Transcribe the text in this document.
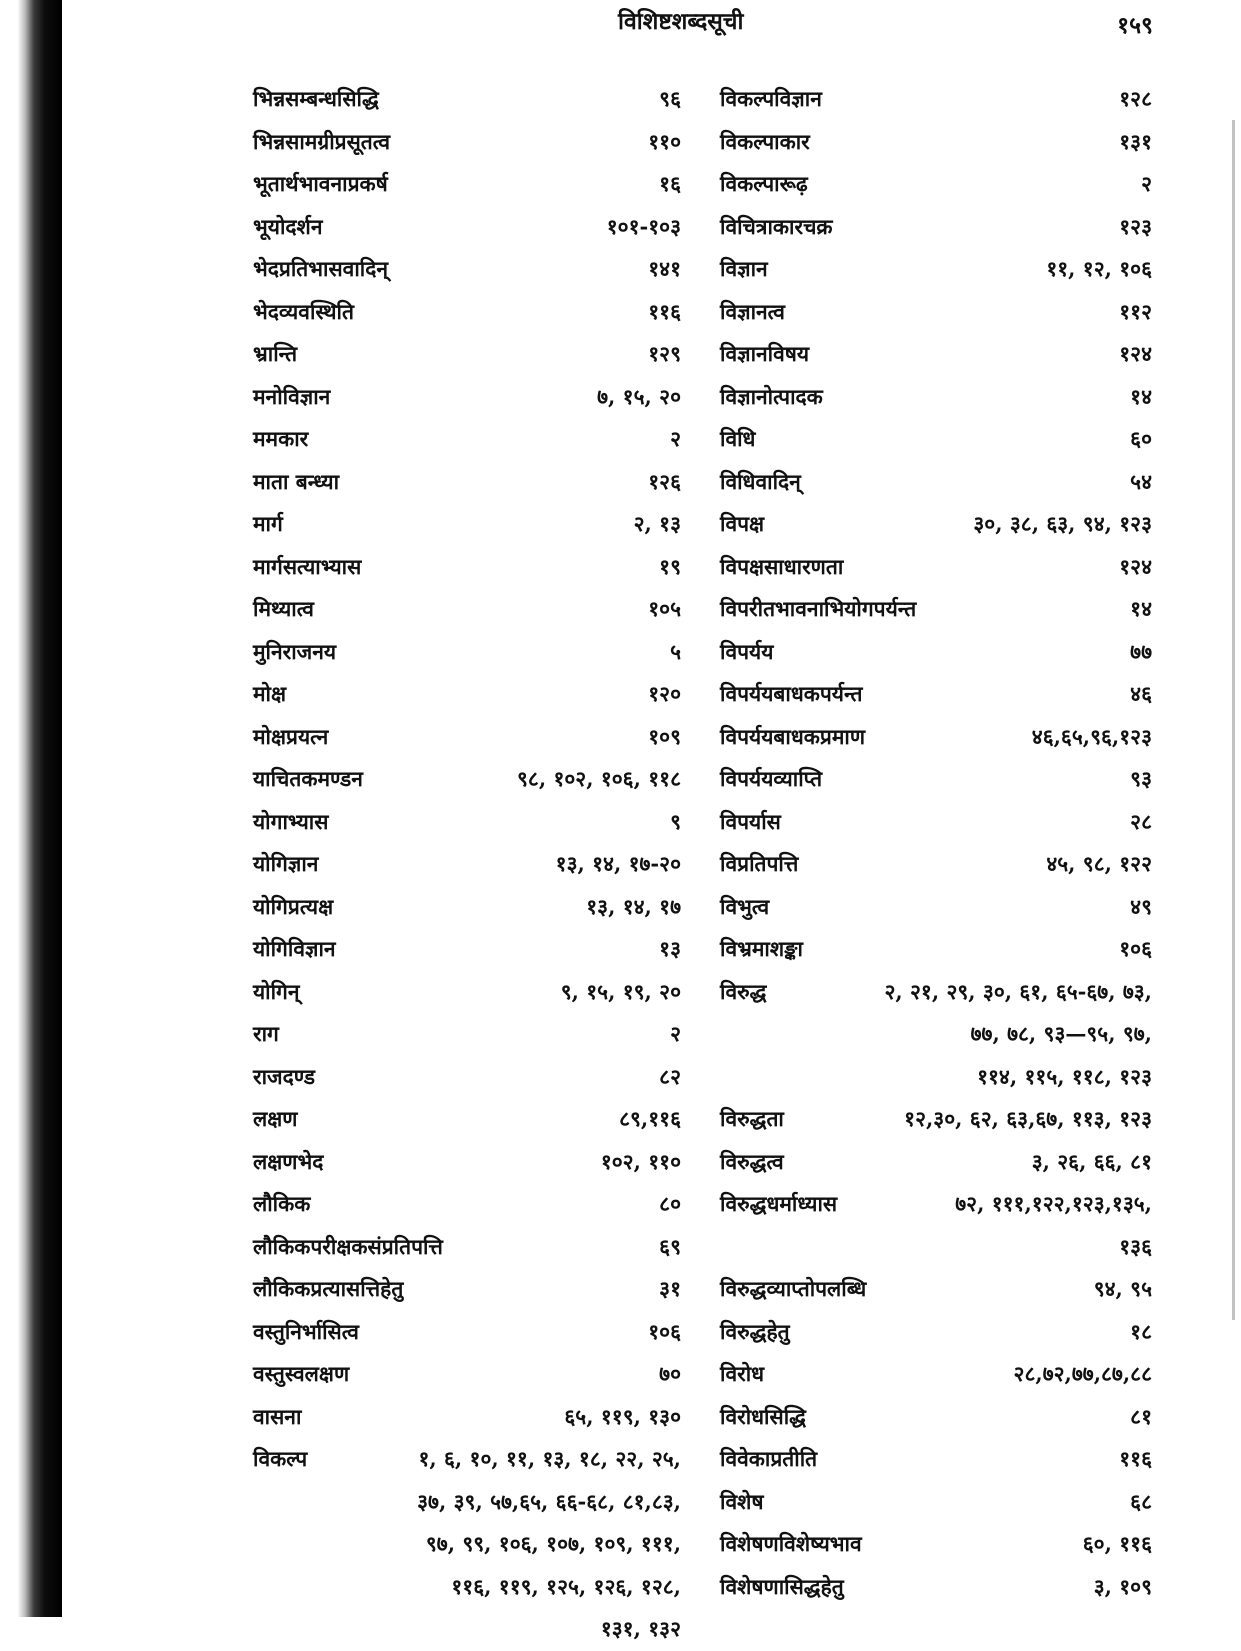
विशिष्टशब्दसूची	१५९
भिन्नसम्बन्धसिद्धि	९६
भिन्नसामग्रीप्रसूतत्व	११०
भूतार्थभावनाप्रकर्ष	१६
भूयोदर्शन	१०१-१०३
भेदप्रतिभासवादिन्	१४१
भेदव्यवस्थिति	११६
भ्रान्ति	१२९
मनोविज्ञान	७, १५, २०
ममकार	२
माता बन्ध्या	१२६
मार्ग	२, १३
मार्गसत्याभ्यास	१९
मिथ्यात्व	१०५
मुनिराजनय	५
मोक्ष	१२०
मोक्षप्रयत्न	१०९
याचितकमण्डन	९८, १०२, १०६, ११८
योगाभ्यास	९
योगिज्ञान	१३, १४, १७-२०
योगिप्रत्यक्ष	१३, १४, १७
योगिविज्ञान	१३
योगिन्	९, १५, १९, २०
राग	२
राजदण्ड	८२
लक्षण	८९,११६
लक्षणभेद	१०२, ११०
लौकिक	८०
लौकिकपरीक्षकसंप्रतिपत्ति	६९
लौकिकप्रत्यासत्तिहेतु	३१
वस्तुनिर्भासित्व	१०६
वस्तुस्वलक्षण	७०
वासना	६५, ११९, १३०
विकल्प	१, ६, १०, ११, १३, १८, २२, २५,
३७, ३९, ५७,६५, ६६-६८, ८१,८३,
९७, ९९, १०६, १०७, १०९, १११,
११६, ११९, १२५, १२६, १२८,
१३१, १३२
विकल्पविज्ञान	१२८
विकल्पाकार	१३१
विकल्पारूढ़	२
विचित्राकारचक्र	१२३
विज्ञान	११, १२, १०६
विज्ञानत्व	११२
विज्ञानविषय	१२४
विज्ञानोत्पादक	१४
विधि	६०
विधिवादिन्	५४
विपक्ष	३०, ३८, ६३, ९४, १२३
विपक्षसाधारणता	१२४
विपरीतभावनाभियोगपर्यन्त	१४
विपर्यय	७७
विपर्ययबाधकपर्यन्त	४६
विपर्ययबाधकप्रमाण	४६,६५,९६,१२३
विपर्ययव्याप्ति	९३
विपर्यास	२८
विप्रतिपत्ति	४५, ९८, १२२
विभुत्व	४९
विभ्रमाशङ्का	१०६
विरुद्ध	२, २१, २९, ३०, ६१, ६५-६७, ७३,
७७, ७८, ९३—९५, ९७,
११४, ११५, ११८, १२३
विरुद्धता	१२,३०, ६२, ६३,६७, ११३, १२३
विरुद्धत्व	३, २६, ६६, ८१
विरुद्धधर्माध्यास	७२, १११,१२२,१२३,१३५,
१३६
विरुद्धव्याप्तोपलब्धि	९४, ९५
विरुद्धहेतु	१८
विरोध	२८,७२,७७,८७,८८
विरोधसिद्धि	८१
विवेकाप्रतीति	११६
विशेष	६८
विशेषणविशेष्यभाव	६०, ११६
विशेषणासिद्धहेतु	३, १०९
